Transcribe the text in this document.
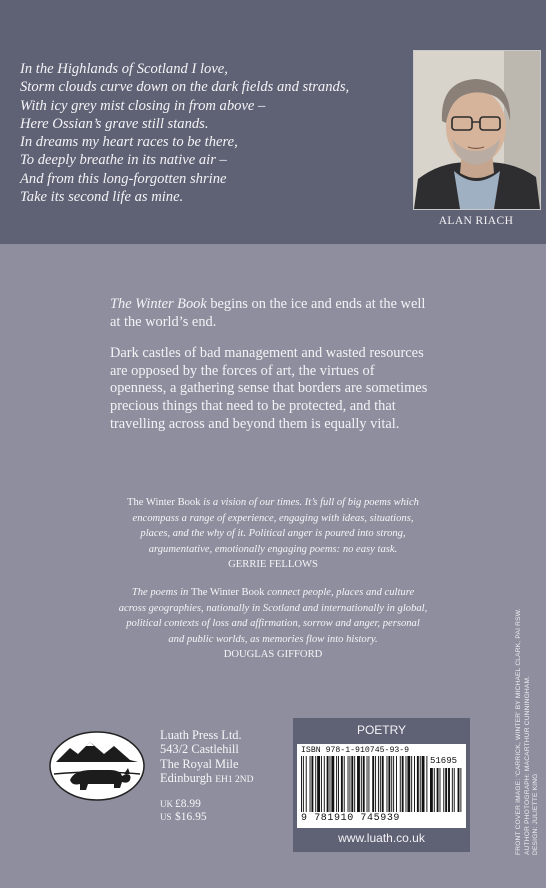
In the Highlands of Scotland I love,
Storm clouds curve down on the dark fields and strands,
With icy grey mist closing in from above –
Here Ossian’s grave still stands.
In dreams my heart races to be there,
To deeply breathe in its native air –
And from this long-forgotten shrine
Take its second life as mine.
ALAN RIACH

The Winter Book begins on the ice and ends at the well at the world’s end.

Dark castles of bad management and wasted resources are opposed by the forces of art, the virtues of openness, a gathering sense that borders are sometimes precious things that need to be protected, and that travelling across and beyond them is equally vital.

The Winter Book is a vision of our times. It’s full of big poems which encompass a range of experience, engaging with ideas, situations, places, and the why of it. Political anger is poured into strong, argumentative, emotionally engaging poems: no easy task.
GERRIE FELLOWS
The poems in The Winter Book connect people, places and culture across geographies, nationally in Scotland and internationally in global, political contexts of loss and affirmation, sorrow and anger, personal and public worlds, as memories flow into history.
DOUGLAS GIFFORD
Luath Press Ltd.
543/2 Castlehill
The Royal Mile
Edinburgh EH1 2ND
UK £8.99
US $16.95
POETRY
ISBN 978-1-910745-93-9
51695
9 781910 745939
www.luath.co.uk	FRONT COVER IMAGE: 'CARRICK, WINTER' BY MICHAEL CLARK, PAI RSW. AUTHOR PHOTOGRAPH: MACARTHUR CUNNINGHAM. DESIGN: JULIETTE KING
